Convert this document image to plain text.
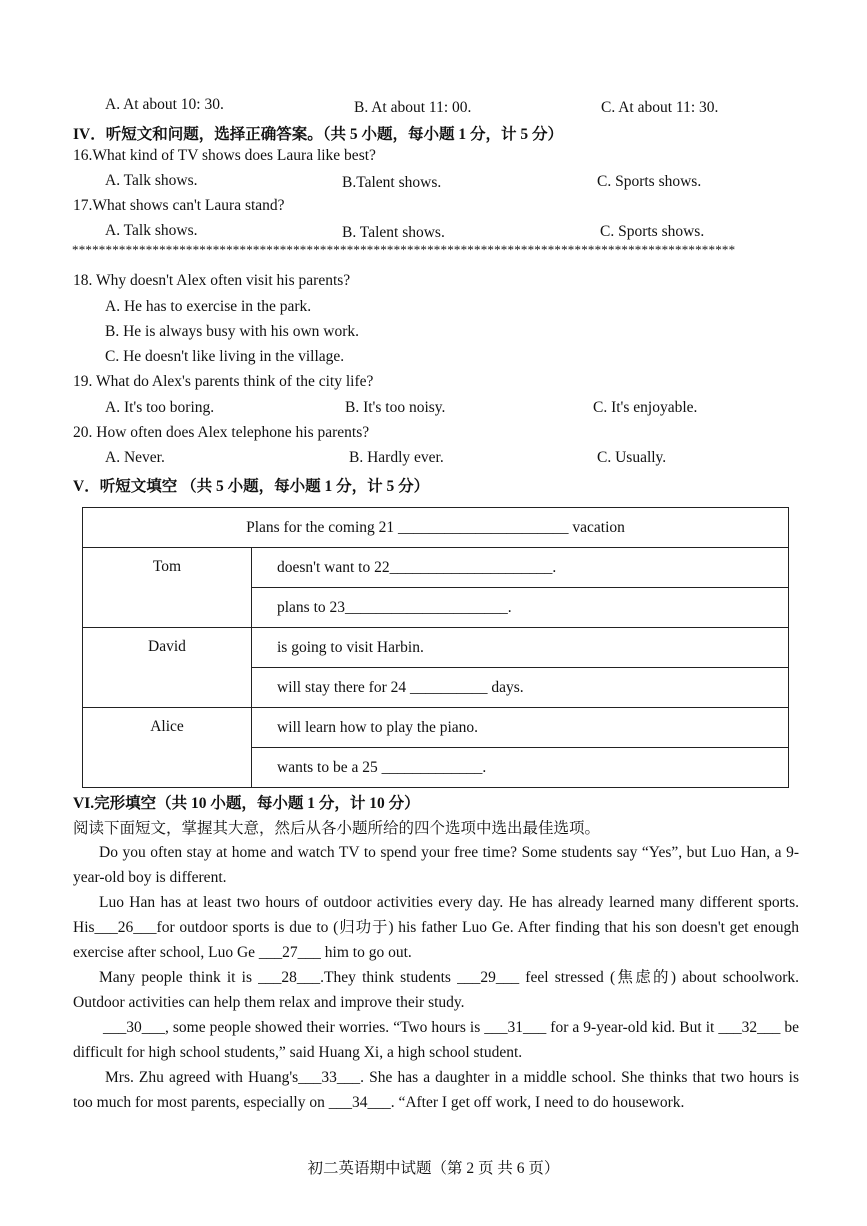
A. At about 10: 30.	B. At about 11: 00.	C. At about 11: 30.
IV．听短文和问题，选择正确答案。（共 5 小题，每小题 1 分，计 5 分）
16.What kind of TV shows does Laura like best?
A. Talk shows.	B.Talent shows.	C. Sports shows.
17.What shows can't Laura stand?
A. Talk shows.	B. Talent shows.	C. Sports shows.
***************************************************************************************************
18. Why doesn't Alex often visit his parents?
A. He has to exercise in the park.
B. He is always busy with his own work.
C. He doesn't like living in the village.
19. What do Alex's parents think of the city life?
A. It's too boring.	B. It's too noisy.	C. It's enjoyable.
20. How often does Alex telephone his parents?
A. Never.	B. Hardly ever.	C. Usually.
V．听短文填空 （共 5 小题，每小题 1 分，计 5 分）
Plans for the coming 21 ______________________ vacation	
Tom	doesn't want to 22_____________________.
	plans to 23_____________________.
David	is going to visit Harbin.
	will stay there for 24 __________ days.
Alice	will learn how to play the piano.
	wants to be a 25 _____________.
VI.完形填空（共 10 小题，每小题 1 分，计 10 分）
阅读下面短文，掌握其大意，然后从各小题所给的四个选项中选出最佳选项。
Do you often stay at home and watch TV to spend your free time? Some students say “Yes”, but Luo Han, a 9-year-old boy is different.
Luo Han has at least two hours of outdoor activities every day. He has already learned many different sports. His___26___for outdoor sports is due to (归功于) his father Luo Ge. After finding that his son doesn't get enough exercise after school, Luo Ge ___27___ him to go out.
Many people think it is ___28___.They think students ___29___ feel stressed (焦虑的) about schoolwork. Outdoor activities can help them relax and improve their study.
___30___, some people showed their worries. “Two hours is ___31___ for a 9-year-old kid. But it ___32___ be difficult for high school students,” said Huang Xi, a high school student.
Mrs. Zhu agreed with Huang's___33___. She has a daughter in a middle school. She thinks that two hours is too much for most parents, especially on ___34___. “After I get off work, I need to do housework.
初二英语期中试题（第 2 页 共 6 页）
